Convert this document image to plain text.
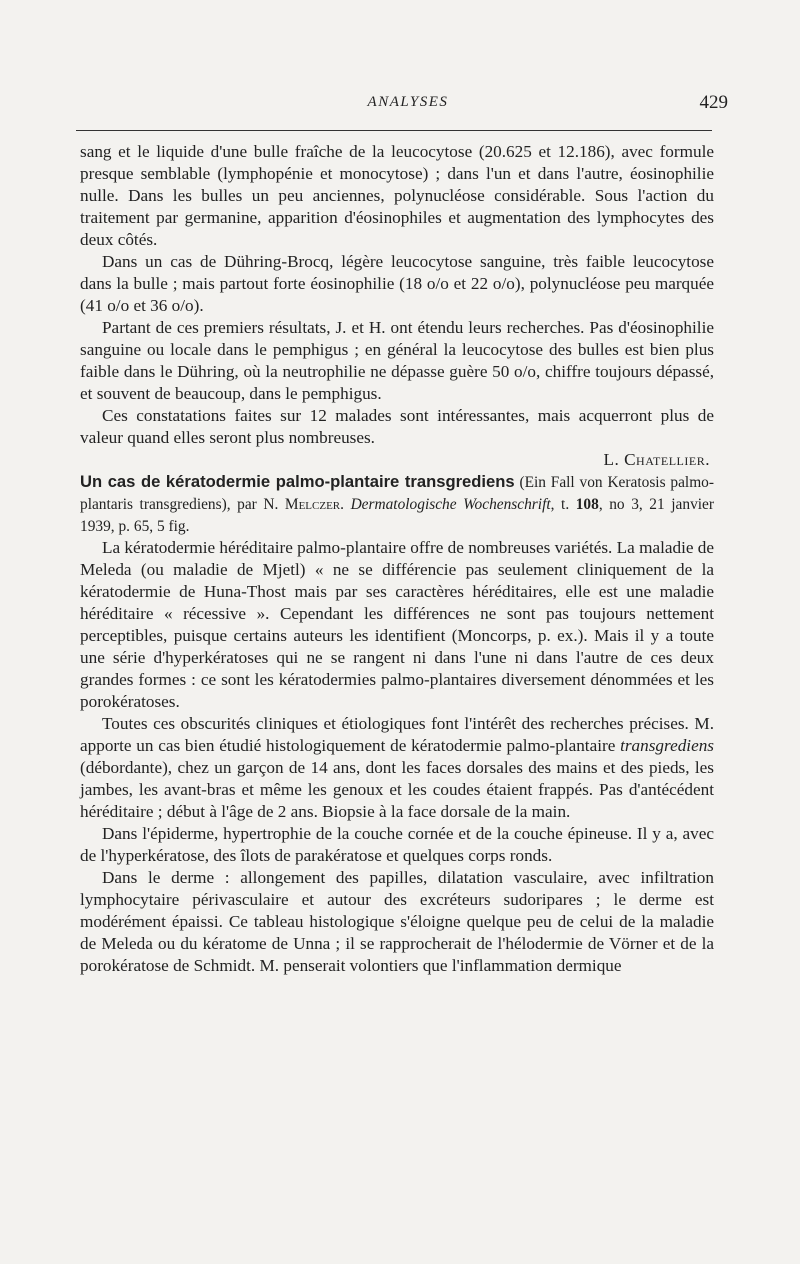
ANALYSES	429

sang et le liquide d'une bulle fraîche de la leucocytose (20.625 et 12.186), avec formule presque semblable (lymphopénie et monocytose) ; dans l'un et dans l'autre, éosinophilie nulle. Dans les bulles un peu anciennes, polynucléose considérable. Sous l'action du traitement par germanine, apparition d'éosinophiles et augmentation des lymphocytes des deux côtés.

Dans un cas de Dühring-Brocq, légère leucocytose sanguine, très faible leucocytose dans la bulle ; mais partout forte éosinophilie (18 o/o et 22 o/o), polynucléose peu marquée (41 o/o et 36 o/o).

Partant de ces premiers résultats, J. et H. ont étendu leurs recherches. Pas d'éosinophilie sanguine ou locale dans le pemphigus ; en général la leucocytose des bulles est bien plus faible dans le Dühring, où la neutrophilie ne dépasse guère 50 o/o, chiffre toujours dépassé, et souvent de beaucoup, dans le pemphigus.

Ces constatations faites sur 12 malades sont intéressantes, mais acquerront plus de valeur quand elles seront plus nombreuses.

L. Chatellier.

Un cas de kératodermie palmo-plantaire transgrediens (Ein Fall von Keratosis palmo-plantaris transgrediens), par N. Melczer. Dermatologische Wochenschrift, t. 108, no 3, 21 janvier 1939, p. 65, 5 fig.

La kératodermie héréditaire palmo-plantaire offre de nombreuses variétés. La maladie de Meleda (ou maladie de Mjetl) « ne se différencie pas seulement cliniquement de la kératodermie de Huna-Thost mais par ses caractères héréditaires, elle est une maladie héréditaire « récessive ». Cependant les différences ne sont pas toujours nettement perceptibles, puisque certains auteurs les identifient (Moncorps, p. ex.). Mais il y a toute une série d'hyperkératoses qui ne se rangent ni dans l'une ni dans l'autre de ces deux grandes formes : ce sont les kératodermies palmo-plantaires diversement dénommées et les porokératoses.

Toutes ces obscurités cliniques et étiologiques font l'intérêt des recherches précises. M. apporte un cas bien étudié histologiquement de kératodermie palmo-plantaire transgrediens (débordante), chez un garçon de 14 ans, dont les faces dorsales des mains et des pieds, les jambes, les avant-bras et même les genoux et les coudes étaient frappés. Pas d'antécédent héréditaire ; début à l'âge de 2 ans. Biopsie à la face dorsale de la main.

Dans l'épiderme, hypertrophie de la couche cornée et de la couche épineuse. Il y a, avec de l'hyperkératose, des îlots de parakératose et quelques corps ronds.

Dans le derme : allongement des papilles, dilatation vasculaire, avec infiltration lymphocytaire périvasculaire et autour des excréteurs sudoripares ; le derme est modérément épaissi. Ce tableau histologique s'éloigne quelque peu de celui de la maladie de Meleda ou du kératome de Unna ; il se rapprocherait de l'hélodermie de Vörner et de la porokératose de Schmidt. M. penserait volontiers que l'inflammation dermique
